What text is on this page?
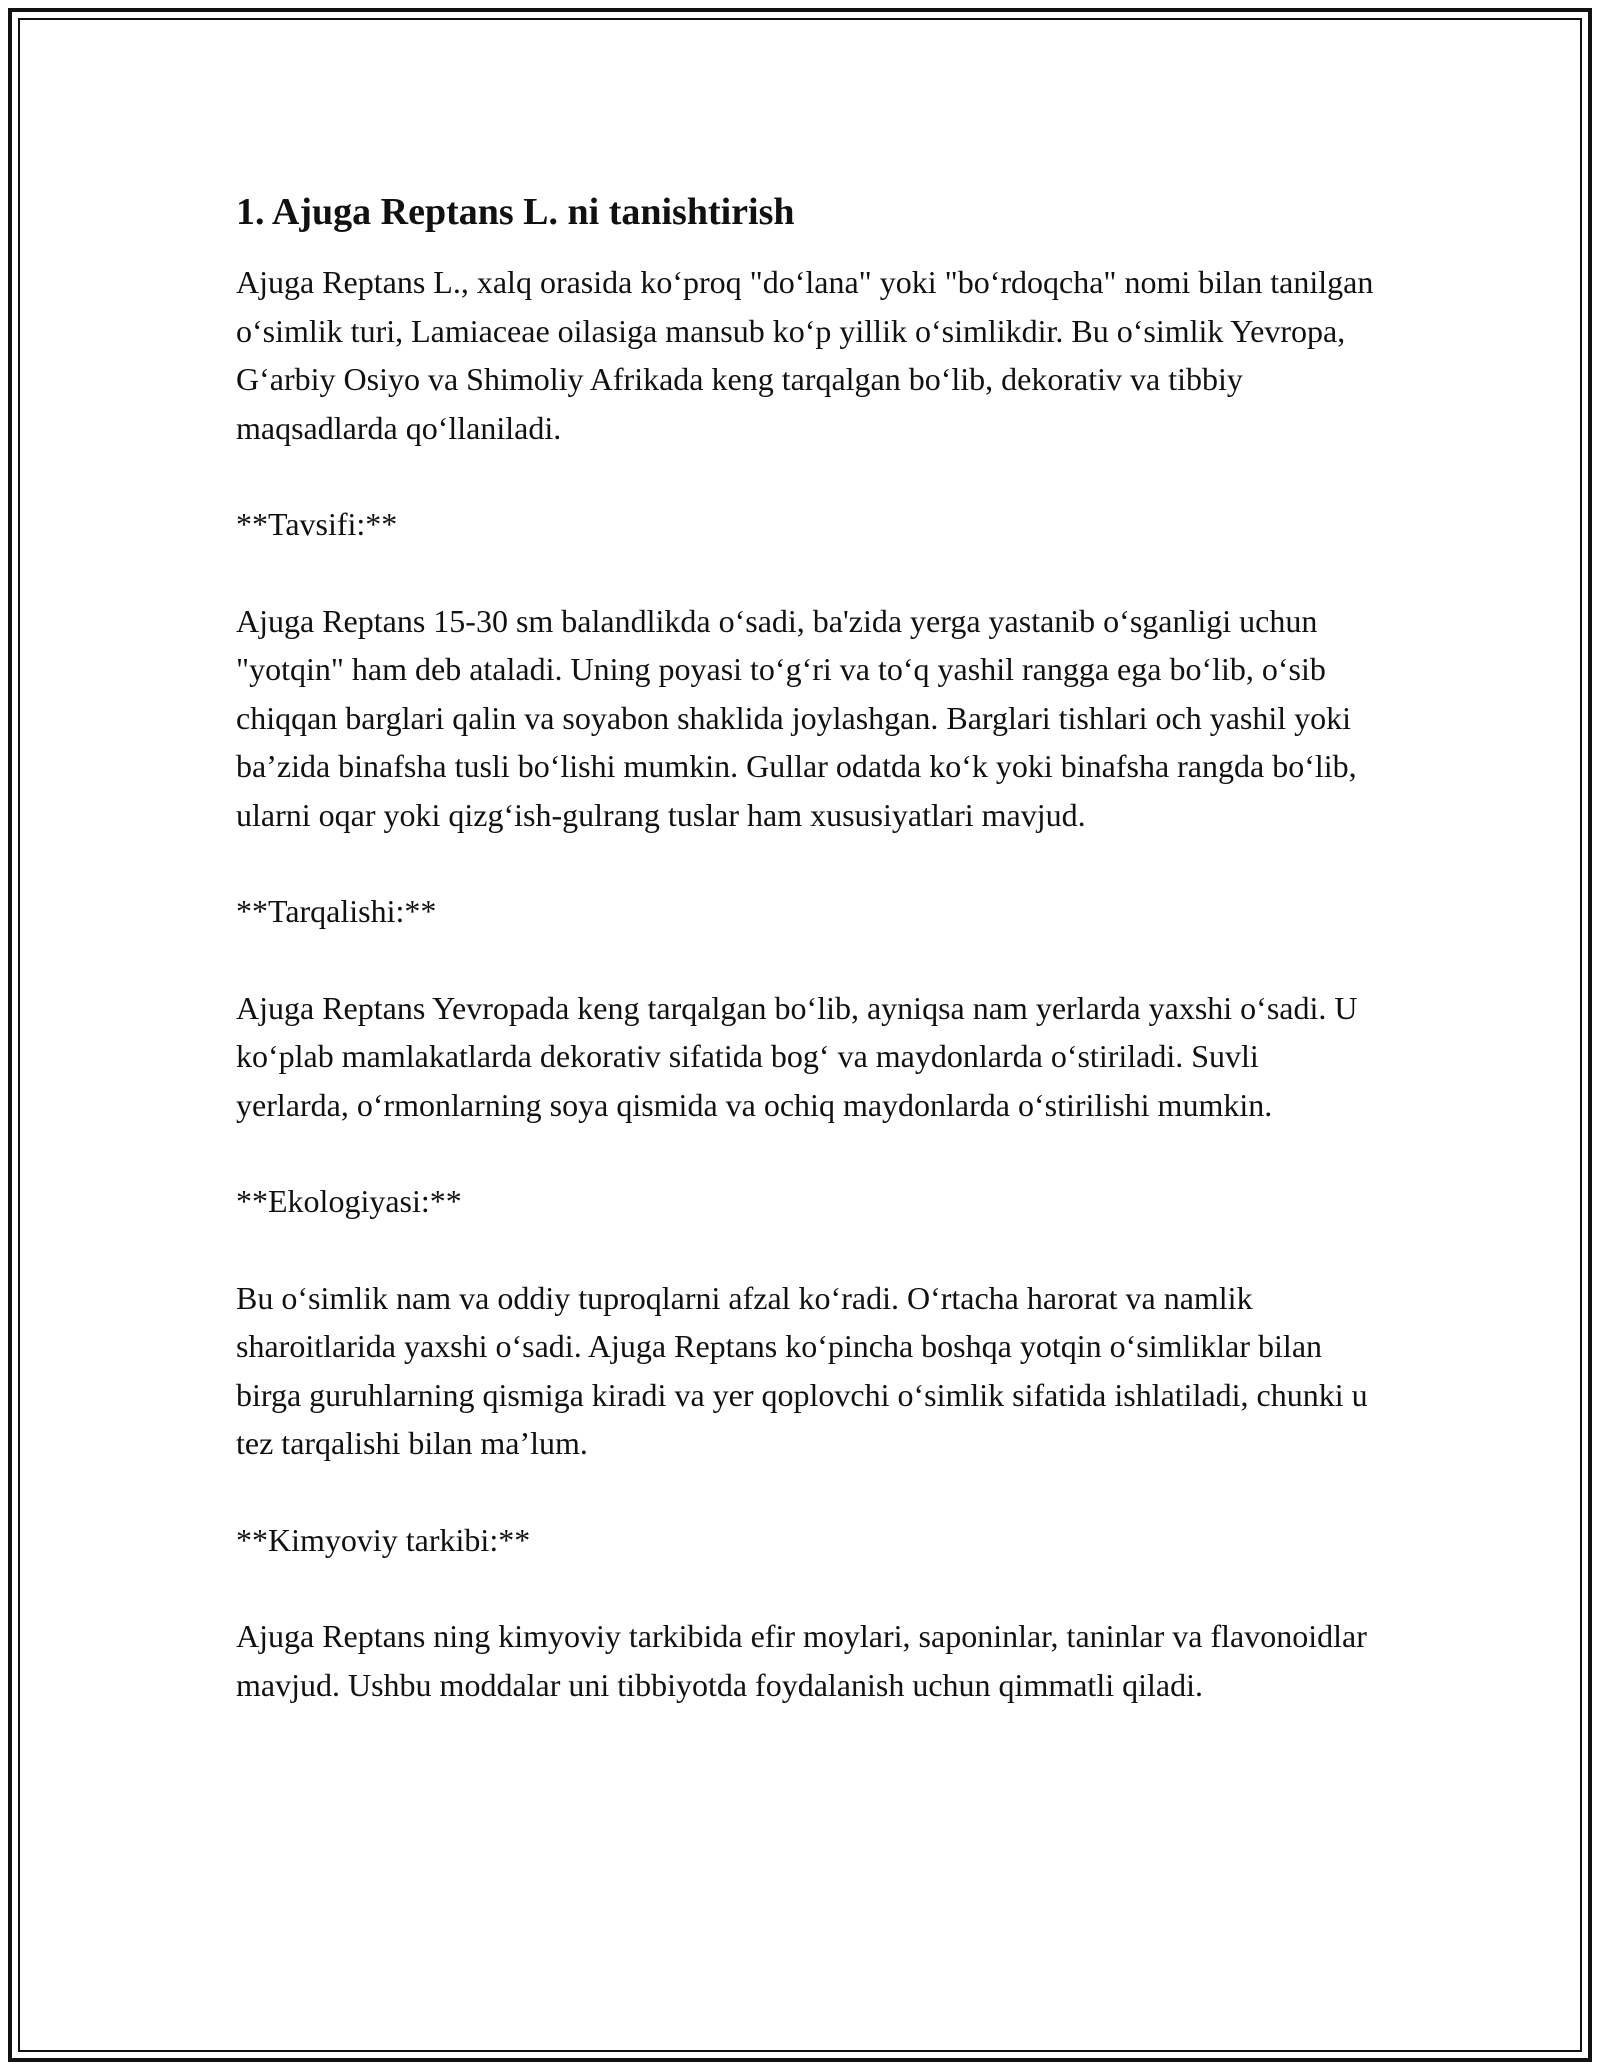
1. Ajuga Reptans L. ni tanishtirish

Ajuga Reptans L., xalq orasida ko‘proq "do‘lana" yoki "bo‘rdoqcha" nomi bilan tanilgan o‘simlik turi, Lamiaceae oilasiga mansub ko‘p yillik o‘simlikdir. Bu o‘simlik Yevropa, G‘arbiy Osiyo va Shimoliy Afrikada keng tarqalgan bo‘lib, dekorativ va tibbiy maqsadlarda qo‘llaniladi.

**Tavsifi:**

Ajuga Reptans 15-30 sm balandlikda o‘sadi, ba'zida yerga yastanib o‘sganligi uchun "yotqin" ham deb ataladi. Uning poyasi to‘g‘ri va to‘q yashil rangga ega bo‘lib, o‘sib chiqqan barglari qalin va soyabon shaklida joylashgan. Barglari tishlari och yashil yoki ba’zida binafsha tusli bo‘lishi mumkin. Gullar odatda ko‘k yoki binafsha rangda bo‘lib, ularni oqar yoki qizg‘ish-gulrang tuslar ham xususiyatlari mavjud.

**Tarqalishi:**

Ajuga Reptans Yevropada keng tarqalgan bo‘lib, ayniqsa nam yerlarda yaxshi o‘sadi. U ko‘plab mamlakatlarda dekorativ sifatida bog‘ va maydonlarda o‘stiriladi. Suvli yerlarda, o‘rmonlarning soya qismida va ochiq maydonlarda o‘stirilishi mumkin.

**Ekologiyasi:**

Bu o‘simlik nam va oddiy tuproqlarni afzal ko‘radi. O‘rtacha harorat va namlik sharoitlarida yaxshi o‘sadi. Ajuga Reptans ko‘pincha boshqa yotqin o‘simliklar bilan birga guruhlarning qismiga kiradi va yer qoplovchi o‘simlik sifatida ishlatiladi, chunki u tez tarqalishi bilan ma’lum.

**Kimyoviy tarkibi:**

Ajuga Reptans ning kimyoviy tarkibida efir moylari, saponinlar, taninlar va flavonoidlar mavjud. Ushbu moddalar uni tibbiyotda foydalanish uchun qimmatli qiladi.
